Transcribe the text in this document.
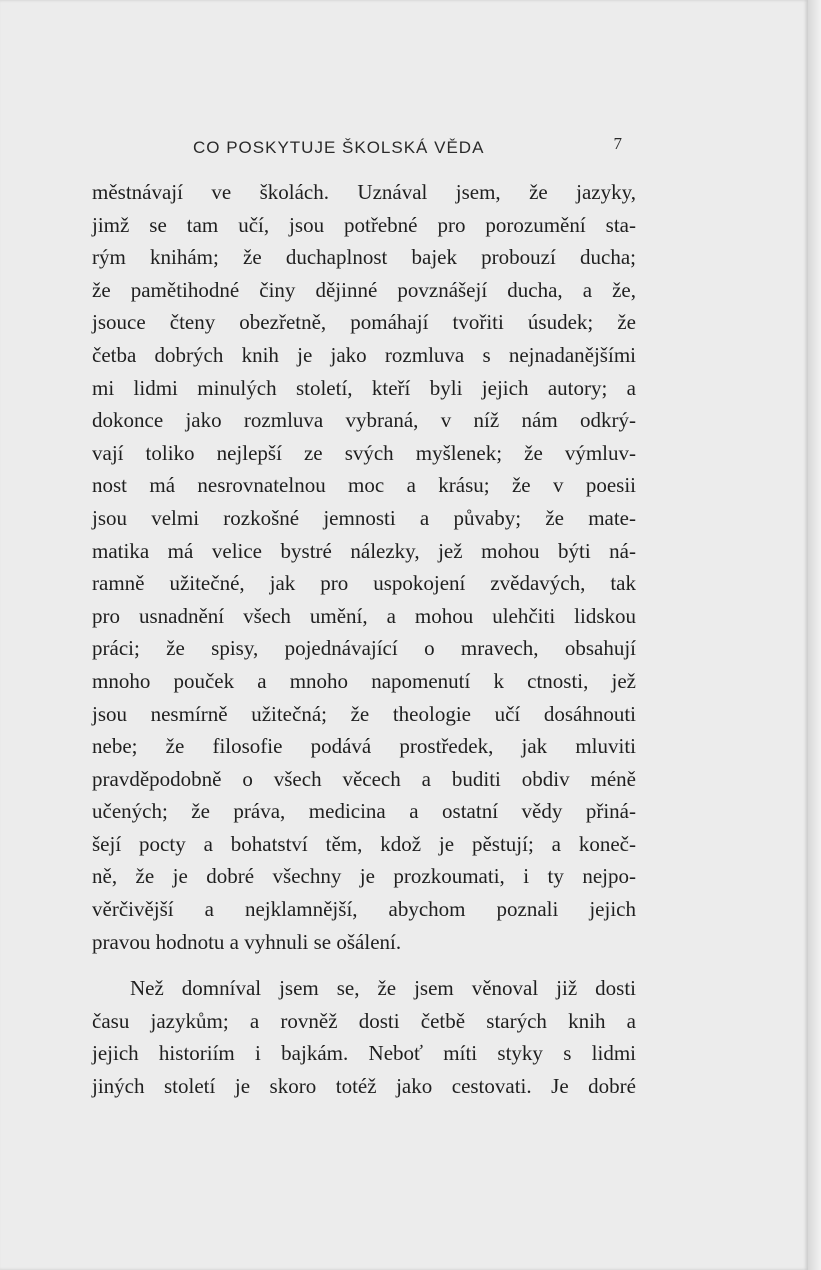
CO POSKYTUJE ŠKOLSKÁ VĚDA	7
městnávají ve školách. Uznával jsem, že jazyky,
jimž se tam učí, jsou potřebné pro porozumění sta-
rým knihám; že duchaplnost bajek probouzí ducha;
že pamětihodné činy dějinné povznášejí ducha, a že,
jsouce čteny obezřetně, pomáhají tvořiti úsudek; že
četba dobrých knih je jako rozmluva s nejnadanějšími
mi lidmi minulých století, kteří byli jejich autory; a
dokonce jako rozmluva vybraná, v níž nám odkrý-
vají toliko nejlepší ze svých myšlenek; že výmluv-
nost má nesrovnatelnou moc a krásu; že v poesii
jsou velmi rozkošné jemnosti a půvaby; že mate-
matika má velice bystré nálezky, jež mohou býti ná-
ramně užitečné, jak pro uspokojení zvědavých, tak
pro usnadnění všech umění, a mohou ulehčiti lidskou
práci; že spisy, pojednávající o mravech, obsahují
mnoho pouček a mnoho napomenutí k ctnosti, jež
jsou nesmírně užitečná; že theologie učí dosáhnouti
nebe; že filosofie podává prostředek, jak mluviti
pravděpodobně o všech věcech a buditi obdiv méně
učených; že práva, medicina a ostatní vědy přiná-
šejí pocty a bohatství těm, kdož je pěstují; a koneč-
ně, že je dobré všechny je prozkoumati, i ty nejpo-
věrčivější a nejklamnější, abychom poznali jejich
pravou hodnotu a vyhnuli se ošálení.
Než domníval jsem se, že jsem věnoval již dosti
času jazykům; a rovněž dosti četbě starých knih a
jejich historiím i bajkám. Neboť míti styky s lidmi
jiných století je skoro totéž jako cestovati. Je dobré
